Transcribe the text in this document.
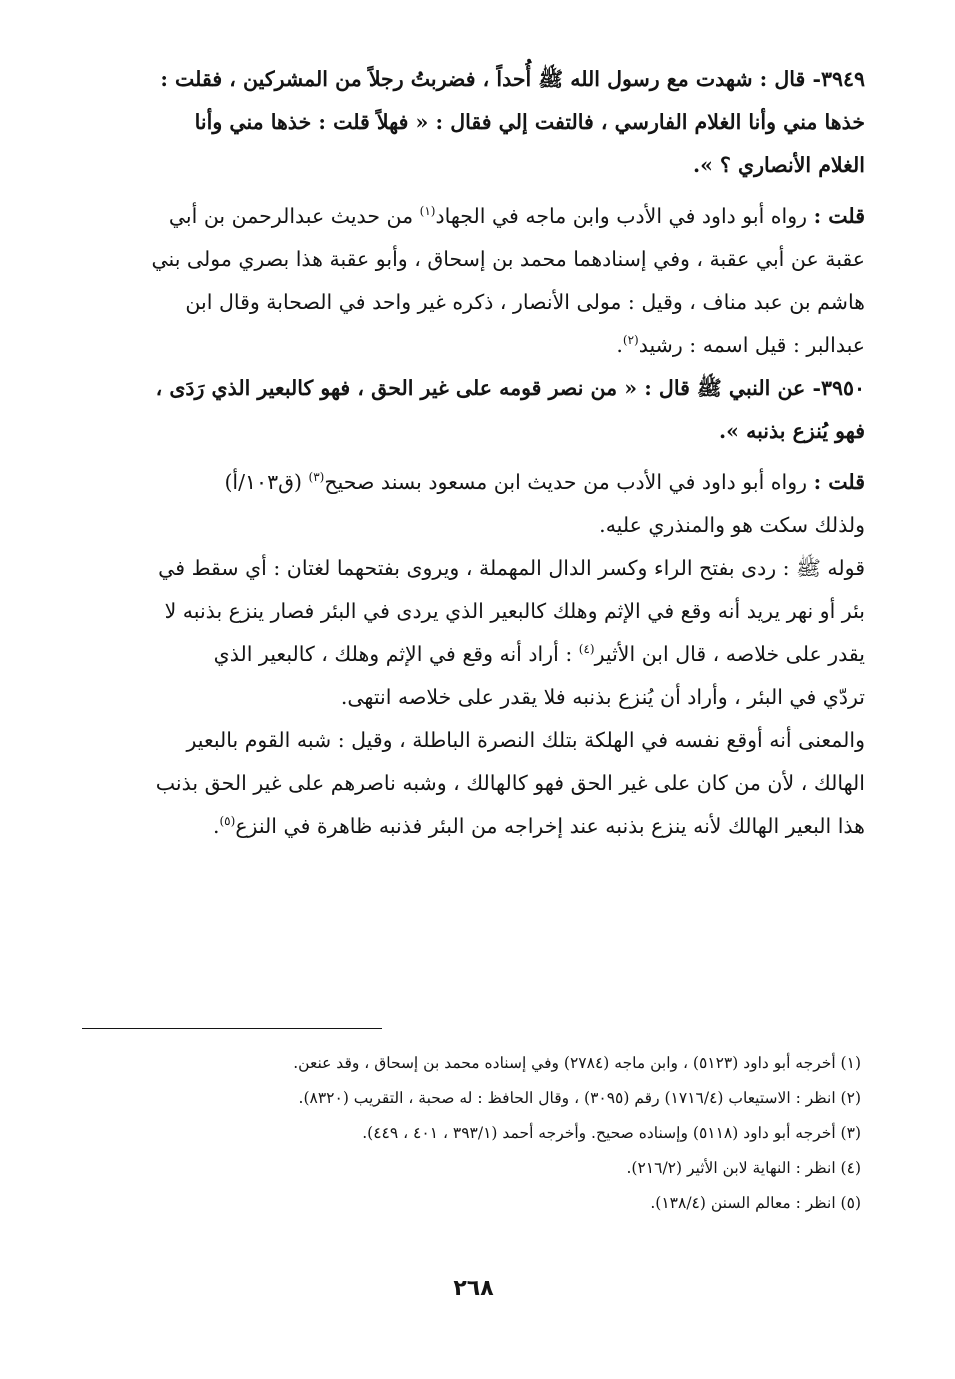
٣٩٤٩- قال : شهدت مع رسول الله ﷺ أُحداً ، فضربتُ رجلاً من المشركين ، فقلت :
خذها مني وأنا الغلام الفارسي ، فالتفت إلي فقال : « فهلاً قلت : خذها مني وأنا
الغلام الأنصاري ؟ ».
قلت : رواه أبو داود في الأدب وابن ماجه في الجهاد$^{(١)}$ من حديث عبدالرحمن بن أبي
عقبة عن أبي عقبة ، وفي إسنادهما محمد بن إسحاق ، وأبو عقبة هذا بصري مولى بني
هاشم بن عبد مناف ، وقيل : مولى الأنصار ، ذكره غير واحد في الصحابة وقال ابن
عبدالبر : قيل اسمه : رشيد$^{(٢)}$.
٣٩٥٠- عن النبي ﷺ قال : « من نصر قومه على غير الحق ، فهو كالبعير الذي رَدَى ،
فهو يُنزع بذنبه ».
قلت : رواه أبو داود في الأدب من حديث ابن مسعود بسند صحيح$^{(٣)}$ (ق١٠٣/أ)
ولذلك سكت هو والمنذري عليه.
قوله ﷺ : ردى بفتح الراء وكسر الدال المهملة ، ويروى بفتحهما لغتان : أي سقط في
بئر أو نهر يريد أنه وقع في الإثم وهلك كالبعير الذي يردى في البئر فصار ينزع بذنبه لا
يقدر على خلاصه ، قال ابن الأثير$^{(٤)}$ : أراد أنه وقع في الإثم وهلك ، كالبعير الذي
تردّي في البئر ، وأراد أن يُنزع بذنبه فلا يقدر على خلاصه انتهى.
والمعنى أنه أوقع نفسه في الهلكة بتلك النصرة الباطلة ، وقيل : شبه القوم بالبعير
الهالك ، لأن من كان على غير الحق فهو كالهالك ، وشبه ناصرهم على غير الحق بذنب
هذا البعير الهالك لأنه ينزع بذنبه عند إخراجه من البئر فذنبه ظاهرة في النزع$^{(٥)}$.
(١) أخرجه أبو داود (٥١٢٣) ، وابن ماجه (٢٧٨٤) وفي إسناده محمد بن إسحاق ، وقد عنعن.
(٢) انظر : الاستيعاب (١٧١٦/٤) رقم (٣٠٩٥) ، وقال الحافظ : له صحبة ، التقريب (٨٣٢٠).
(٣) أخرجه أبو داود (٥١١٨) وإسناده صحيح. وأخرجه أحمد (٣٩٣/١ ، ٤٠١ ، ٤٤٩).
(٤) انظر : النهاية لابن الأثير (٢١٦/٢).
(٥) انظر : معالم السنن (١٣٨/٤).
٢٦٨
